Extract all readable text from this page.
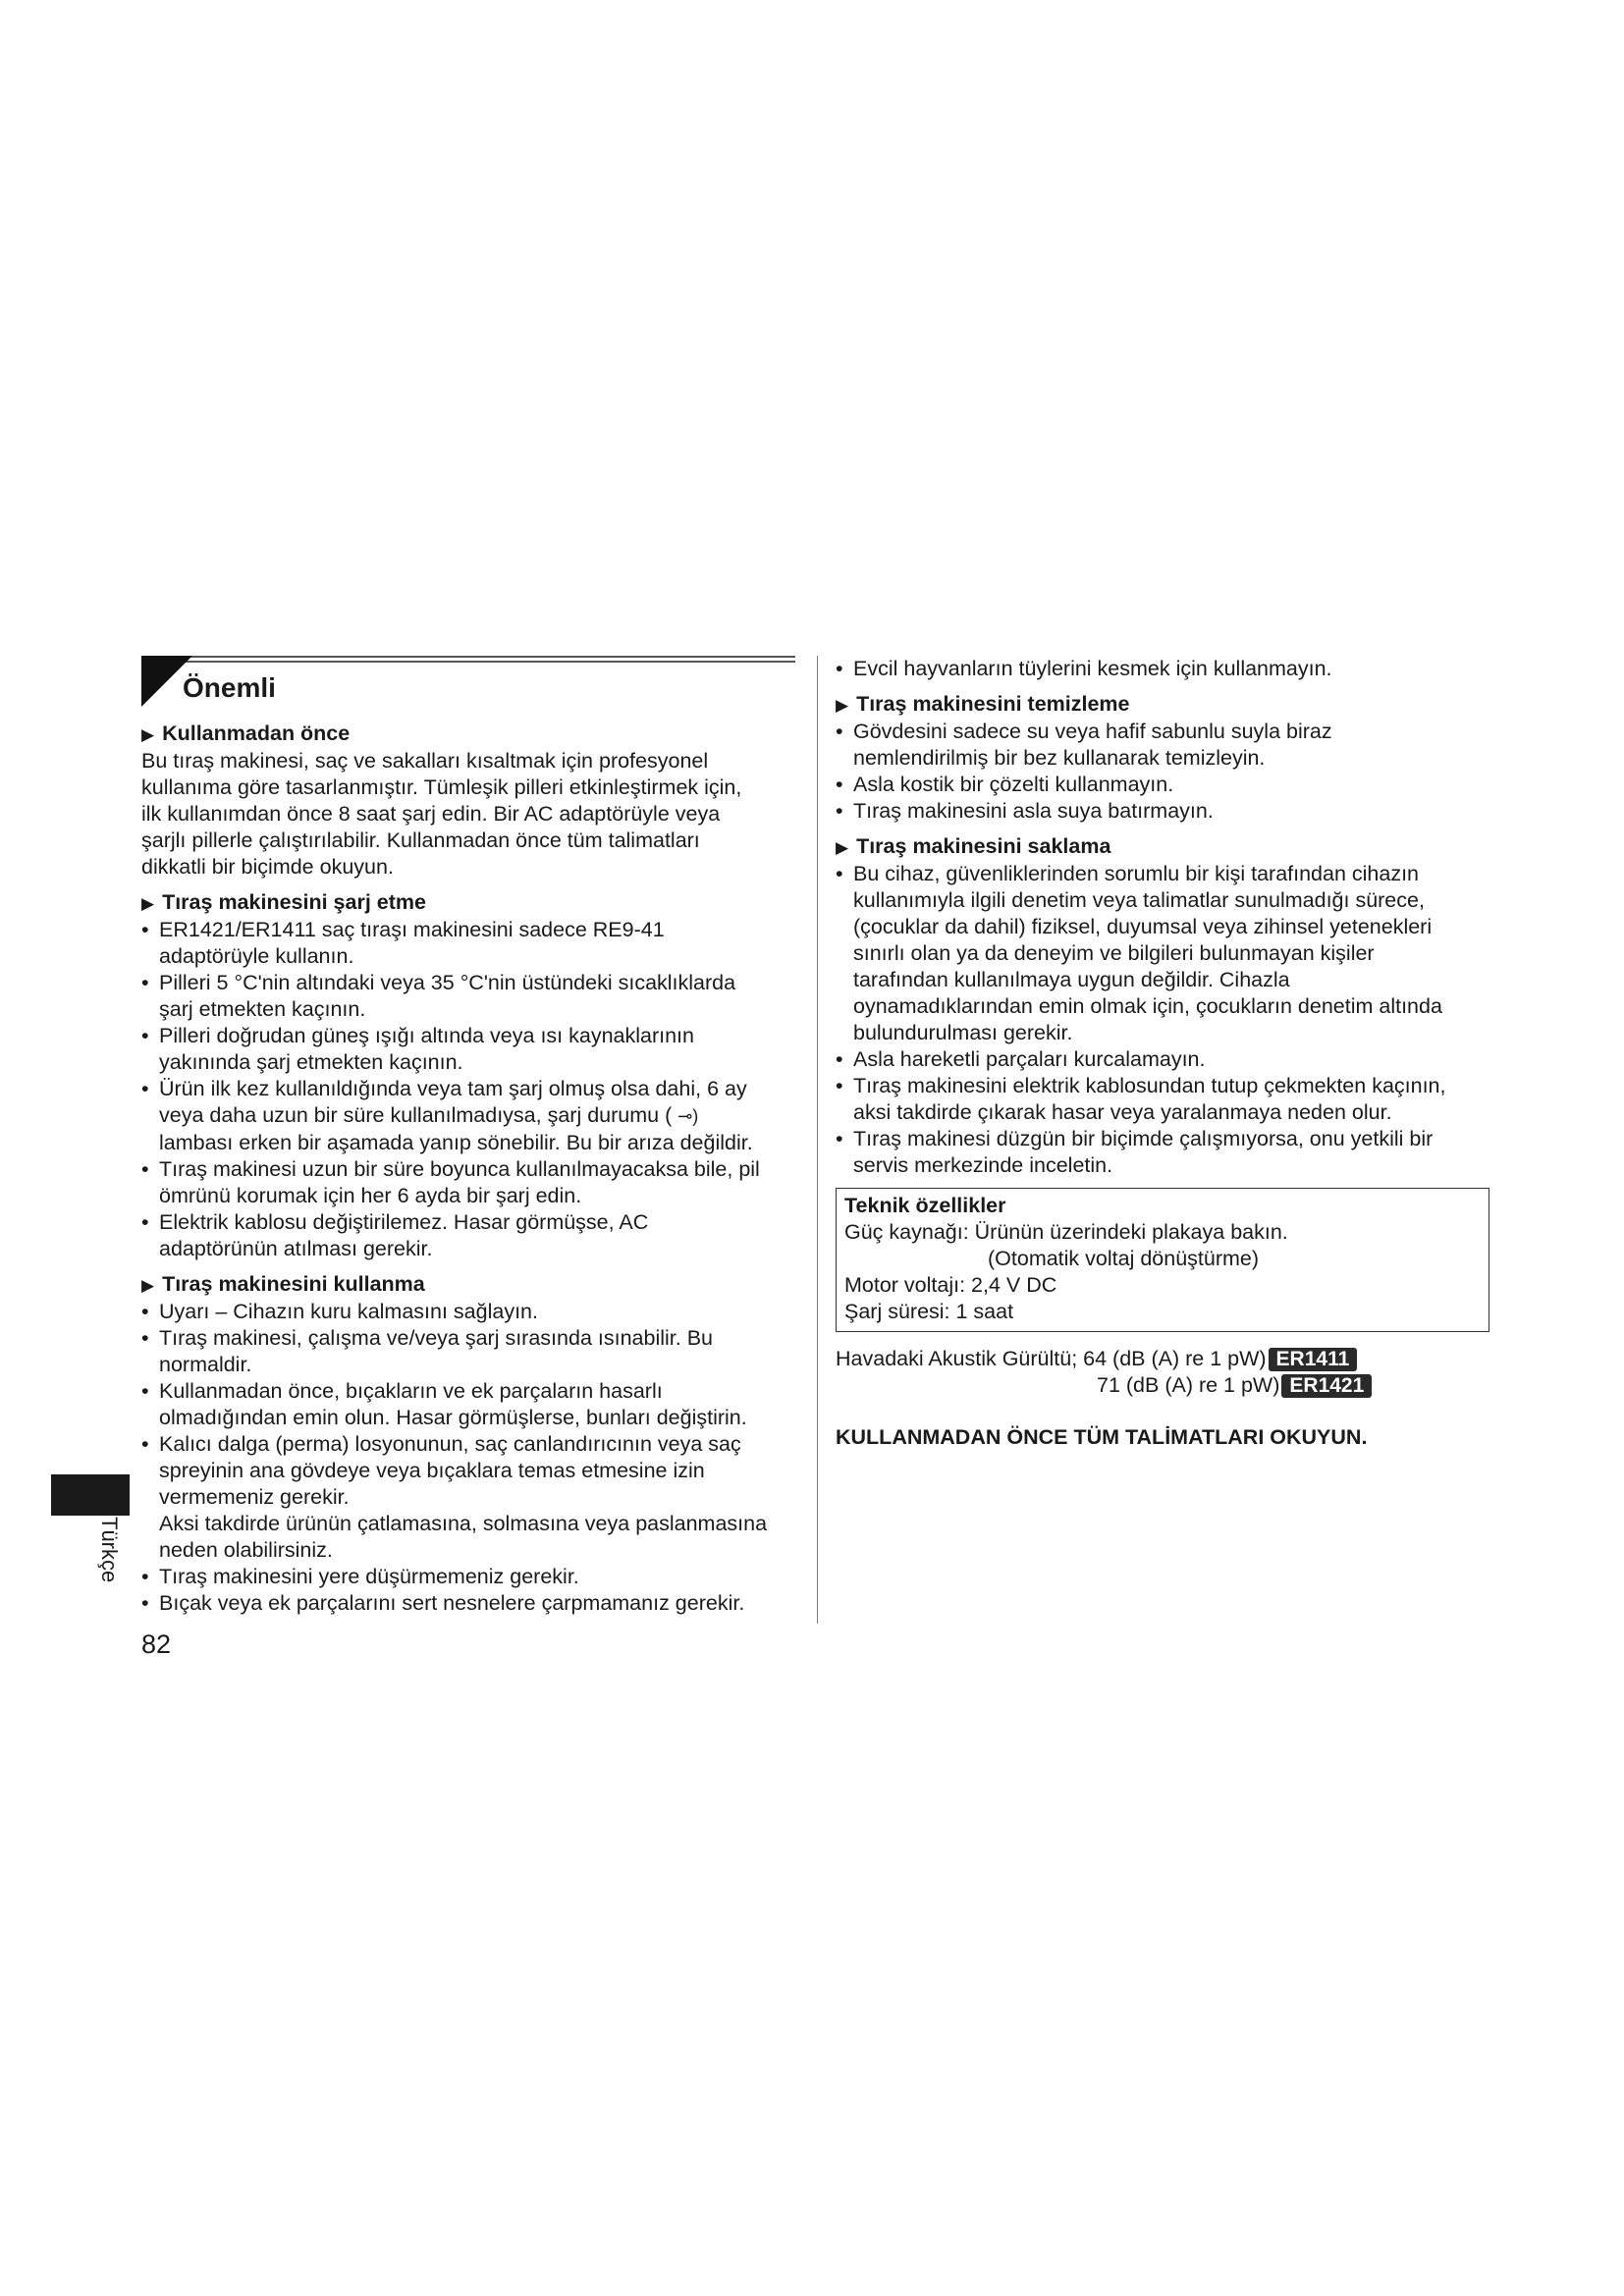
Önemli
▶ Kullanmadan önce

Bu tıraş makinesi, saç ve sakalları kısaltmak için profesyonel
kullanıma göre tasarlanmıştır. Tümleşik pilleri etkinleştirmek için,
ilk kullanımdan önce 8 saat şarj edin. Bir AC adaptörüyle veya
şarjlı pillerle çalıştırılabilir. Kullanmadan önce tüm talimatları
dikkatli bir biçimde okuyun.

▶ Tıraş makinesini şarj etme
• ER1421/ER1411 saç tıraşı makinesini sadece RE9-41
adaptörüyle kullanın.
• Pilleri 5 °C'nin altındaki veya 35 °C'nin üstündeki sıcaklıklarda
şarj etmekten kaçının.
• Pilleri doğrudan güneş ışığı altında veya ısı kaynaklarının
yakınında şarj etmekten kaçının.
• Ürün ilk kez kullanıldığında veya tam şarj olmuş olsa dahi, 6 ay
veya daha uzun bir süre kullanılmadıysa, şarj durumu ( ⊸)
lambası erken bir aşamada yanıp sönebilir. Bu bir arıza değildir.
• Tıraş makinesi uzun bir süre boyunca kullanılmayacaksa bile, pil
ömrünü korumak için her 6 ayda bir şarj edin.
• Elektrik kablosu değiştirilemez. Hasar görmüşse, AC
adaptörünün atılması gerekir.
▶ Tıraş makinesini kullanma
• Uyarı – Cihazın kuru kalmasını sağlayın.
• Tıraş makinesi, çalışma ve/veya şarj sırasında ısınabilir. Bu
normaldir.
• Kullanmadan önce, bıçakların ve ek parçaların hasarlı
olmadığından emin olun. Hasar görmüşlerse, bunları değiştirin.
• Kalıcı dalga (perma) losyonunun, saç canlandırıcının veya saç
spreyinin ana gövdeye veya bıçaklara temas etmesine izin
vermemeniz gerekir.
Aksi takdirde ürünün çatlamasına, solmasına veya paslanmasına
neden olabilirsiniz.
• Tıraş makinesini yere düşürmemeniz gerekir.
• Bıçak veya ek parçalarını sert nesnelere çarpmamanız gerekir.
• Evcil hayvanların tüylerini kesmek için kullanmayın.
▶ Tıraş makinesini temizleme
• Gövdesini sadece su veya hafif sabunlu suyla biraz
nemlendirilmiş bir bez kullanarak temizleyin.
• Asla kostik bir çözelti kullanmayın.
• Tıraş makinesini asla suya batırmayın.
▶ Tıraş makinesini saklama
• Bu cihaz, güvenliklerinden sorumlu bir kişi tarafından cihazın
kullanımıyla ilgili denetim veya talimatlar sunulmadığı sürece,
(çocuklar da dahil) fiziksel, duyumsal veya zihinsel yetenekleri
sınırlı olan ya da deneyim ve bilgileri bulunmayan kişiler
tarafından kullanılmaya uygun değildir. Cihazla
oynamadıklarından emin olmak için, çocukların denetim altında
bulundurulması gerekir.
• Asla hareketli parçaları kurcalamayın.
• Tıraş makinesini elektrik kablosundan tutup çekmekten kaçının,
aksi takdirde çıkarak hasar veya yaralanmaya neden olur.
• Tıraş makinesi düzgün bir biçimde çalışmıyorsa, onu yetkili bir
servis merkezinde inceletin.
Teknik özellikler
Güç kaynağı: Ürünün üzerindeki plakaya bakın.
(Otomatik voltaj dönüştürme)
Motor voltajı: 2,4 V DC
Şarj süresi: 1 saat
Havadaki Akustik Gürültü; 64 (dB (A) re 1 pW) ER1411
71 (dB (A) re 1 pW) ER1421
KULLANMADAN ÖNCE TÜM TALİMATLARI OKUYUN.
Türkçe
82
